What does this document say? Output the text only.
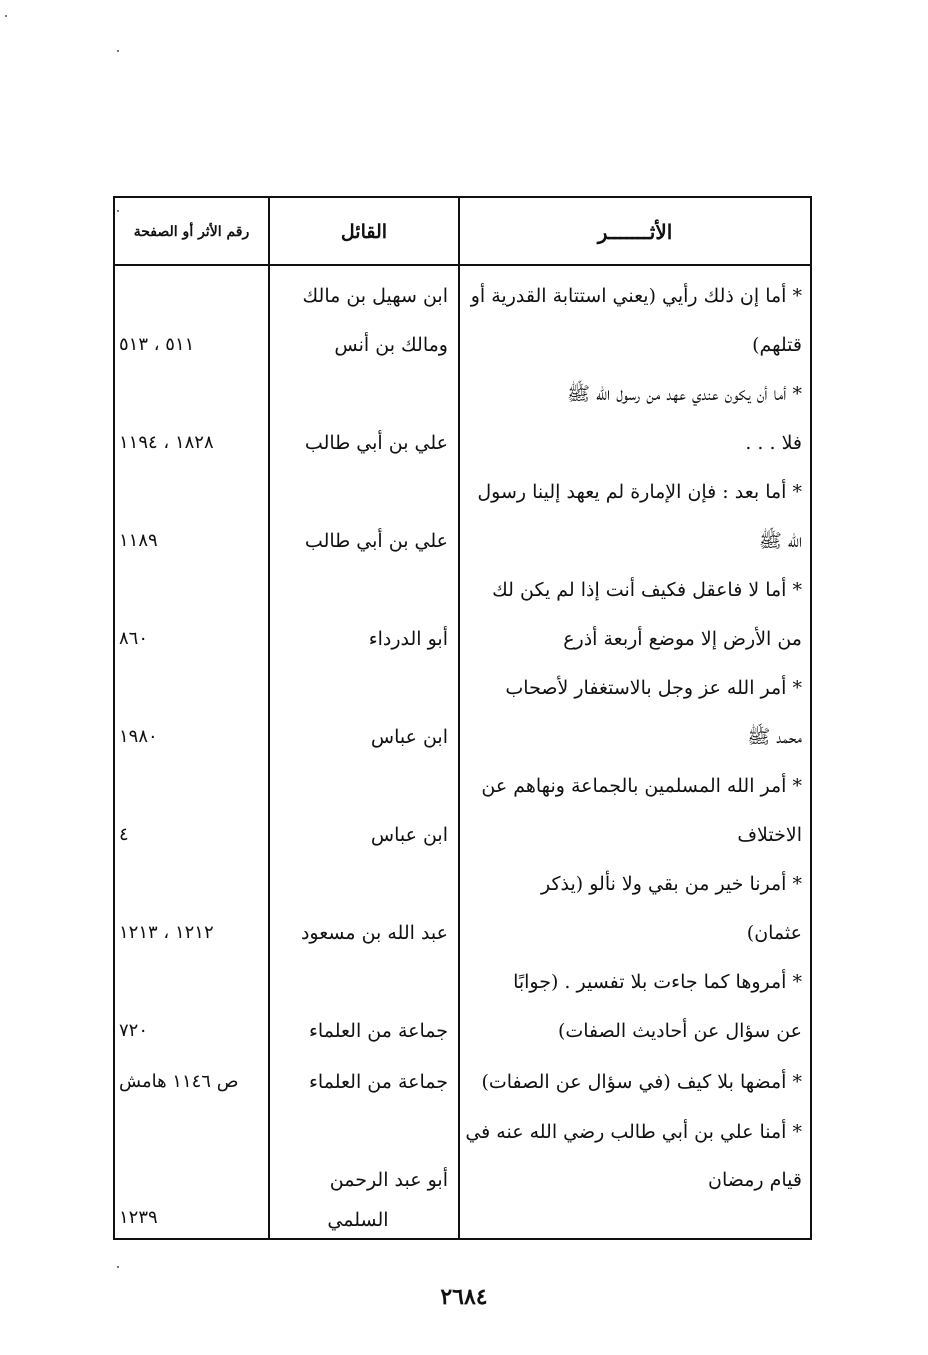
الأثـــــــر
القائل
رقم الأثر أو الصفحة
* أما إن ذلك رأيي (يعني استتابة القدرية أو
قتلهم)
ابن سهيل بن مالك
ومالك بن أنس
٥١١ ، ٥١٣
* أما أن يكون عندي عهد من رسول الله ﷺ
فلا . . .
علي بن أبي طالب
١٨٢٨ ، ١١٩٤
* أما بعد : فإن الإمارة لم يعهد إلينا رسول
الله ﷺ
علي بن أبي طالب
١١٨٩
* أما لا فاعقل فكيف أنت إذا لم يكن لك
من الأرض إلا موضع أربعة أذرع
أبو الدرداء
٨٦٠
* أمر الله عز وجل بالاستغفار لأصحاب
محمد ﷺ
ابن عباس
١٩٨٠
* أمر الله المسلمين بالجماعة ونهاهم عن
الاختلاف
ابن عباس
٤
* أمرنا خير من بقي ولا نألو (يذكر
عثمان)
عبد الله بن مسعود
١٢١٢ ، ١٢١٣
* أمروها كما جاءت بلا تفسير . (جوابًا
عن سؤال عن أحاديث الصفات)
جماعة من العلماء
٧٢٠
* أمضها بلا كيف (في سؤال عن الصفات)
جماعة من العلماء
ص ١١٤٦ هامش
* أمنا علي بن أبي طالب رضي الله عنه في
قيام رمضان
أبو عبد الرحمن
السلمي
١٢٣٩
٢٦٨٤
